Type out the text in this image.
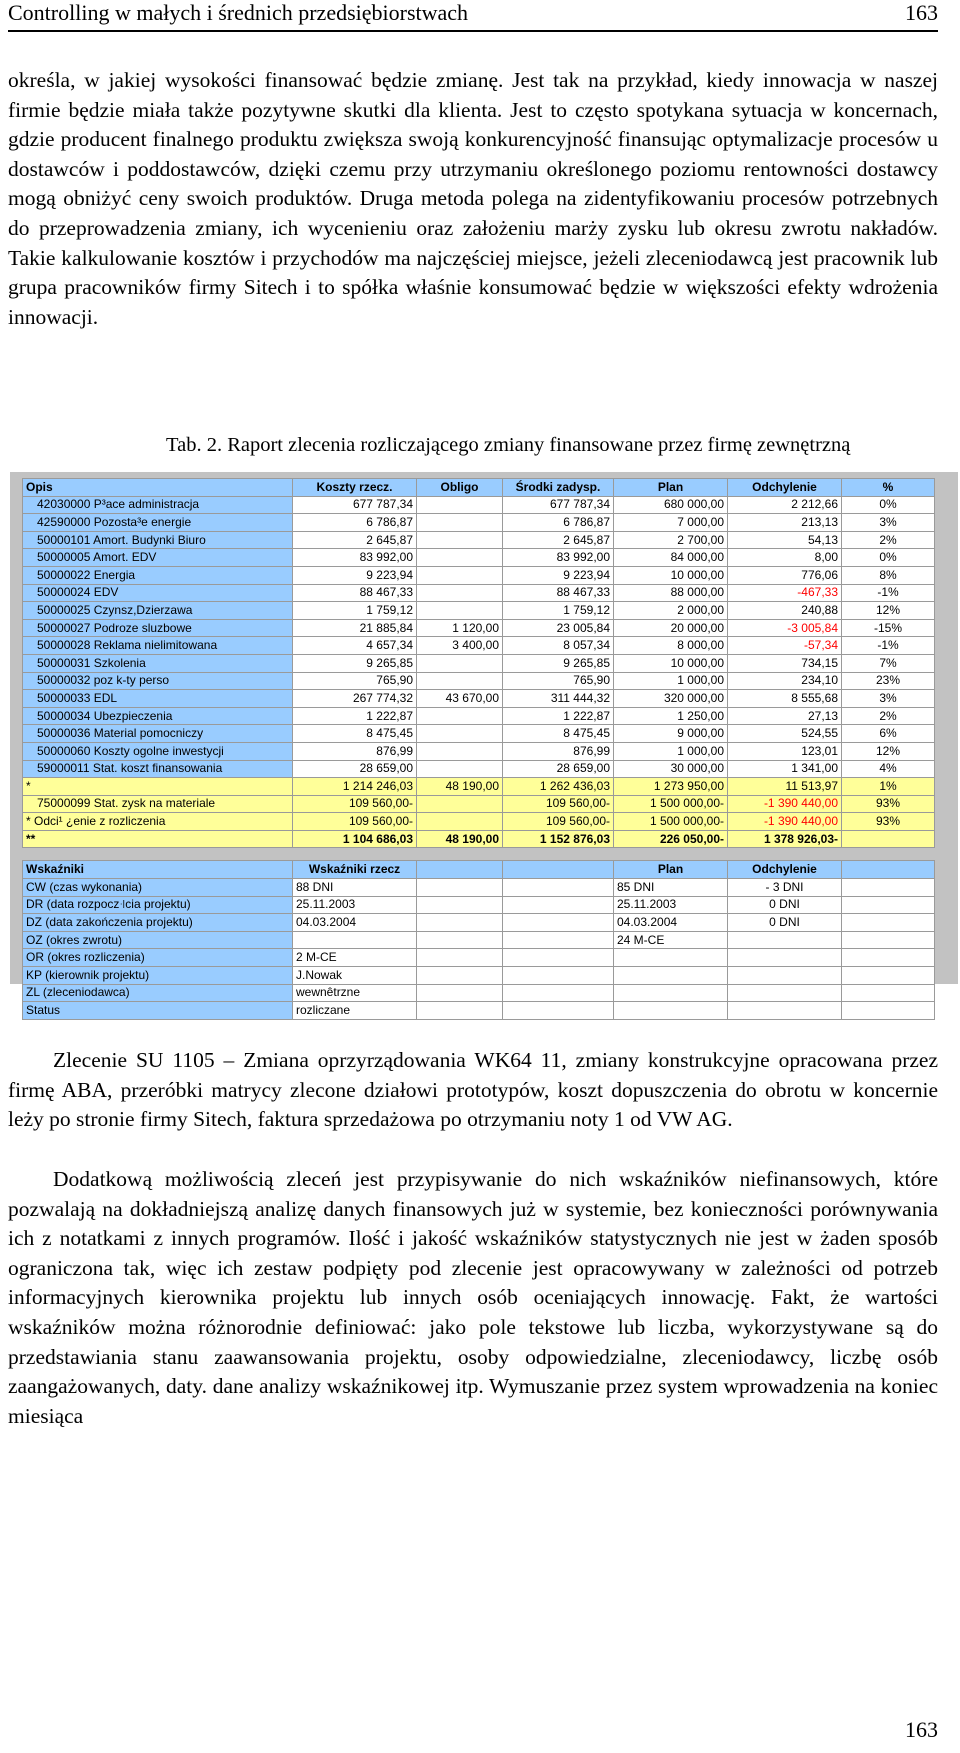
Controlling w małych i średnich przedsiębiorstwach	163

określa, w jakiej wysokości finansować będzie zmianę. Jest tak na przykład, kiedy innowacja w naszej firmie będzie miała także pozytywne skutki dla klienta. Jest to często spotykana sytuacja w koncernach, gdzie producent finalnego produktu zwiększa swoją konkurencyjność finansując optymalizacje procesów u dostawców i poddostawców, dzięki czemu przy utrzymaniu określonego poziomu rentowności dostawcy mogą obniżyć ceny swoich produktów. Druga metoda polega na zidentyfikowaniu procesów potrzebnych do przeprowadzenia zmiany, ich wycenieniu oraz założeniu marży zysku lub okresu zwrotu nakładów. Takie kalkulowanie kosztów i przychodów ma najczęściej miejsce, jeżeli zleceniodawcą jest pracownik lub grupa pracowników firmy Sitech i to spółka właśnie konsumować będzie w większości efekty wdrożenia innowacji.

Tab. 2. Raport zlecenia rozliczającego zmiany finansowane przez firmę zewnętrzną
Opis	Koszty rzecz.	Obligo	Środki zadysp.	Plan	Odchylenie	%
42030000 P³ace administracja	677 787,34		677 787,34	680 000,00	2 212,66	0%
42590000 Pozosta³e energie	6 786,87		6 786,87	7 000,00	213,13	3%
50000101 Amort. Budynki Biuro	2 645,87		2 645,87	2 700,00	54,13	2%
50000005 Amort. EDV	83 992,00		83 992,00	84 000,00	8,00	0%
50000022 Energia	9 223,94		9 223,94	10 000,00	776,06	8%
50000024 EDV	88 467,33		88 467,33	88 000,00	-467,33	-1%
50000025 Czynsz,Dzierzawa	1 759,12		1 759,12	2 000,00	240,88	12%
50000027 Podroze sluzbowe	21 885,84	1 120,00	23 005,84	20 000,00	-3 005,84	-15%
50000028 Reklama nielimitowana	4 657,34	3 400,00	8 057,34	8 000,00	-57,34	-1%
50000031 Szkolenia	9 265,85		9 265,85	10 000,00	734,15	7%
50000032 poz k-ty perso	765,90		765,90	1 000,00	234,10	23%
50000033 EDL	267 774,32	43 670,00	311 444,32	320 000,00	8 555,68	3%
50000034 Ubezpieczenia	1 222,87		1 222,87	1 250,00	27,13	2%
50000036 Material pomocniczy	8 475,45		8 475,45	9 000,00	524,55	6%
50000060 Koszty ogolne inwestycji	876,99		876,99	1 000,00	123,01	12%
59000011 Stat. koszt finansowania	28 659,00		28 659,00	30 000,00	1 341,00	4%
*	1 214 246,03	48 190,00	1 262 436,03	1 273 950,00	11 513,97	1%
75000099 Stat. zysk na materiale	109 560,00-		109 560,00-	1 500 000,00-	-1 390 440,00	93%
* Odci¹ ¿enie z rozliczenia	109 560,00-		109 560,00-	1 500 000,00-	-1 390 440,00	93%
**	1 104 686,03	48 190,00	1 152 876,03	226 050,00-	1 378 926,03-	

Wskaźniki	Wskaźniki rzecz			Plan	Odchylenie	
CW (czas wykonania)	88 DNI			85 DNI	- 3 DNI	
DR (data rozpocz꜊cia projektu)	25.11.2003			25.11.2003	0 DNI	
DZ (data zakończenia projektu)	04.03.2004			04.03.2004	0 DNI	
OZ (okres zwrotu)				24 M-CE		
OR (okres rozliczenia)	2 M-CE					
KP (kierownik projektu)	J.Nowak					
ZL (zleceniodawca)	wewnêtrzne					
Status	rozliczane					

Zlecenie SU 1105 – Zmiana oprzyrządowania WK64 11, zmiany konstrukcyjne opracowana przez firmę ABA, przeróbki matrycy zlecone działowi prototypów, koszt dopuszczenia do obrotu w koncernie leży po stronie firmy Sitech, faktura sprzedażowa po otrzymaniu noty 1 od VW AG.

Dodatkową możliwością zleceń jest przypisywanie do nich wskaźników niefinansowych, które pozwalają na dokładniejszą analizę danych finansowych już w systemie, bez konieczności porównywania ich z notatkami z innych programów. Ilość i jakość wskaźników statystycznych nie jest w żaden sposób ograniczona tak, więc ich zestaw podpięty pod zlecenie jest opracowywany w zależności od potrzeb informacyjnych kierownika projektu lub innych osób oceniających innowację. Fakt, że wartości wskaźników można różnorodnie definiować: jako pole tekstowe lub liczba, wykorzystywane są do przedstawiania stanu zaawansowania projektu, osoby odpowiedzialne, zleceniodawcy, liczbę osób zaangażowanych, daty. dane analizy wskaźnikowej itp. Wymuszanie przez system wprowadzenia na koniec miesiąca

163
